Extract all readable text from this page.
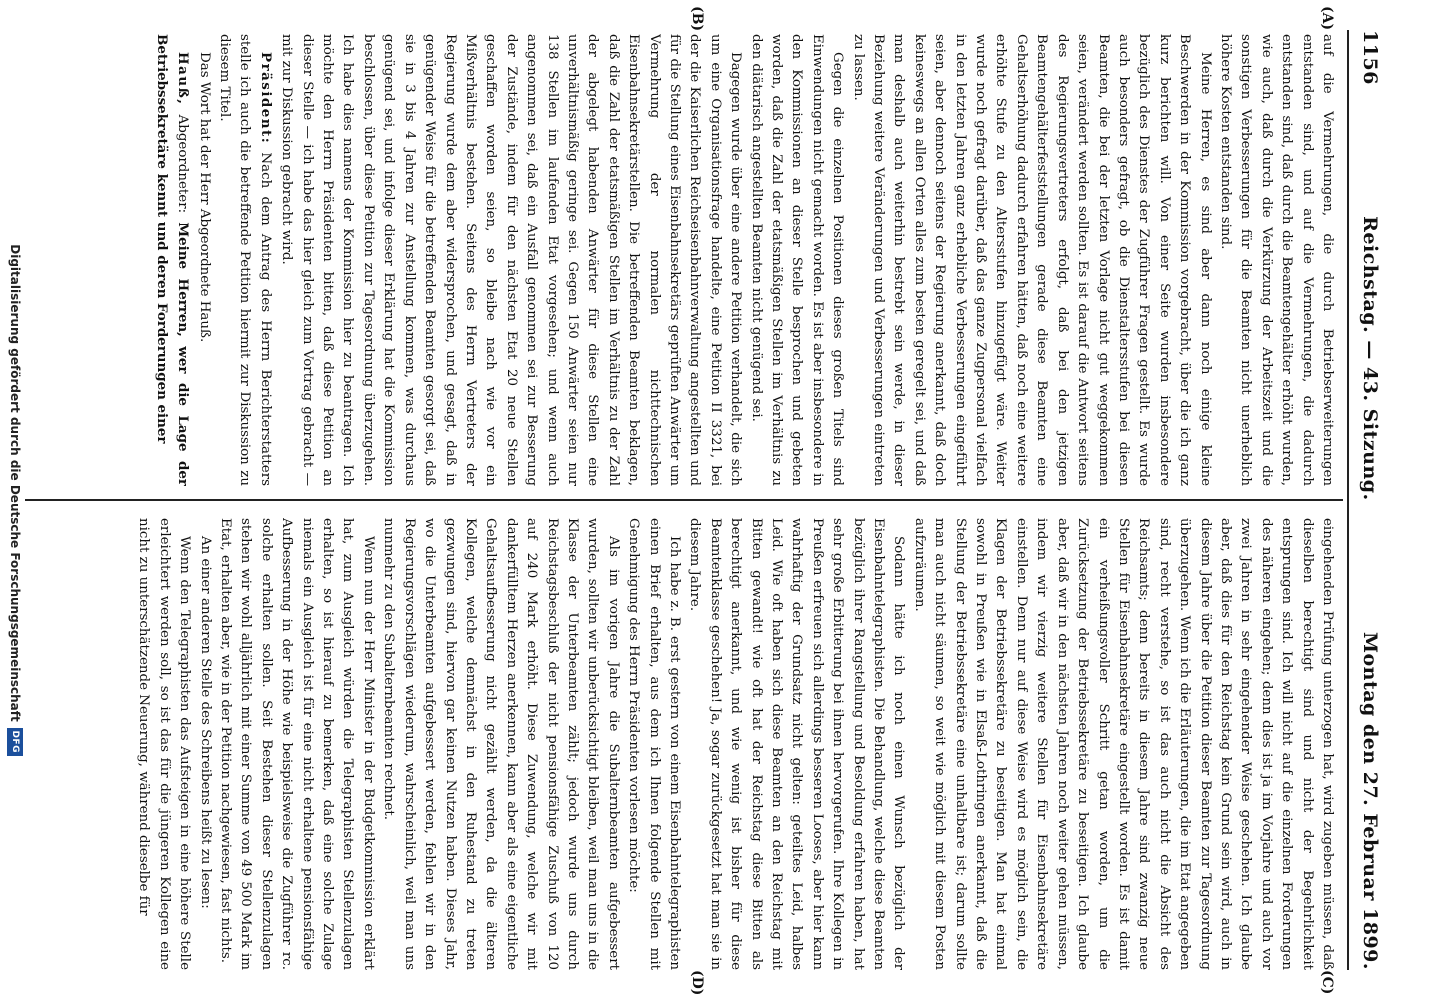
1156
Reichstag. — 43. Sitzung.
Montag den 27. Februar 1899.
(A)
(B)
(C)
(D)

auf die Vermehrungen, die durch Betriebserweiterungen entstanden sind, und auf die Vermehrungen, die dadurch entstanden sind, daß durch die Beamtengehälter erhöht wurden, wie auch, daß durch die Verkürzung der Arbeitszeit und die sonstigen Verbesserungen für die Beamten nicht unerheblich höhere Kosten entstanden sind.

Meine Herren, es sind aber dann noch einige kleine Beschwerden in der Kommission vorgebracht, über die ich ganz kurz berichten will. Von einer Seite wurden insbesondere bezüglich des Dienstes der Zugführer Fragen gestellt. Es wurde auch besonders gefragt, ob die Dienstaltersstufen bei diesen Beamten, die bei der letzten Vorlage nicht gut weggekommen seien, verändert werden sollten. Es ist darauf die Antwort seitens des Regierungsvertreters erfolgt, daß bei den jetzigen Beamtengehälterfeststellungen gerade diese Beamten eine Gehaltserhöhung dadurch erfahren hätten, daß noch eine weitere erhöhte Stufe zu den Altersstufen hinzugefügt wäre. Weiter wurde noch gefragt darüber, daß das ganze Zugpersonal vielfach in den letzten Jahren ganz erhebliche Verbesserungen eingeführt seien, aber dennoch seitens der Regierung anerkannt, daß doch keineswegs an allen Orten alles zum besten geregelt sei, und daß man deshalb auch weiterhin bestrebt sein werde, in dieser Beziehung weitere Veränderungen und Verbesserungen eintreten zu lassen.

Gegen die einzelnen Positionen dieses großen Titels sind Einwendungen nicht gemacht worden. Es ist aber insbesondere in den Kommissionen an dieser Stelle besprochen und gebeten worden, daß die Zahl der etatsmäßigen Stellen im Verhältnis zu den diätarisch angestellten Beamten nicht genügend sei.

Dagegen wurde über eine andere Petition verhandelt, die sich um eine Organisationsfrage handelte, eine Petition II 3321, bei der die Kaiserlichen Reichseisenbahnverwaltung angestellten und für die Stellung eines Eisenbahnsekretärs geprüften Anwärter um Vermehrung der normalen nichttechnischen Eisenbahnsekretärstellen. Die betreffenden Beamten beklagen, daß die Zahl der etatsmäßigen Stellen im Verhältnis zu der Zahl der abgelegt habenden Anwärter für diese Stellen eine unverhältnismäßig geringe sei. Gegen 150 Anwärter seien nur 138 Stellen im laufenden Etat vorgesehen; und wenn auch angenommen sei, daß ein Ausfall genommen sei zur Besserung der Zustände, indem für den nächsten Etat 20 neue Stellen geschaffen worden seien, so bleibe nach wie vor ein Mißverhältnis bestehen. Seitens des Herrn Vertreters der Regierung wurde dem aber widersprochen, und gesagt, daß in genügender Weise für die betreffenden Beamten gesorgt sei, daß sie in 3 bis 4 Jahren zur Anstellung kommen, was durchaus genügend sei, und infolge dieser Erklärung hat die Kommission beschlossen, über diese Petition zur Tagesordnung überzugehen. Ich habe dies namens der Kommission hier zu beantragen. Ich möchte den Herrn Präsidenten bitten, daß diese Petition an dieser Stelle — ich habe das hier gleich zum Vortrag gebracht — mit zur Diskussion gebracht wird.

Präsident: Nach dem Antrag des Herrn Berichterstatters stelle ich auch die betreffende Petition hiermit zur Diskussion zu diesem Titel.

Das Wort hat der Herr Abgeordnete Hauß.

Hauß, Abgeordneter: Meine Herren, wer die Lage der Betriebssekretäre kennt und deren Forderungen einer

eingehenden Prüfung unterzogen hat, wird zugeben müssen, daß dieselben berechtigt sind und nicht der Begehrlichkeit entsprungen sind. Ich will nicht auf die einzelnen Forderungen des näheren eingehen; denn dies ist ja im Vorjahre und auch vor zwei Jahren in sehr eingehender Weise geschehen. Ich glaube aber, daß dies für den Reichstag kein Grund sein wird, auch in diesem Jahre über die Petition dieser Beamten zur Tagesordnung überzugehen. Wenn ich die Erläuterungen, die im Etat angegeben sind, recht verstehe, so ist das auch nicht die Absicht des Reichsamts; denn bereits in diesem Jahre sind zwanzig neue Stellen für Eisenbahnsekretäre eingestellt worden. Es ist damit ein verheißungsvoller Schritt getan worden, um die Zurücksetzung der Betriebssekretäre zu beseitigen. Ich glaube aber, daß wir in den nächsten Jahren noch weiter gehen müssen, indem wir vierzig weitere Stellen für Eisenbahnsekretäre einstellen. Denn nur auf diese Weise wird es möglich sein, die Klagen der Betriebssekretäre zu beseitigen. Man hat einmal sowohl in Preußen wie in Elsaß-Lothringen anerkannt, daß die Stellung der Betriebssekretäre eine unhaltbare ist; darum sollte man auch nicht säumen, so weit wie möglich mit diesem Posten aufzuräumen.

Sodann hätte ich noch einen Wunsch bezüglich der Eisenbahntelegraphisten. Die Behandlung, welche diese Beamten bezüglich ihrer Rangstellung und Besoldung erfahren haben, hat sehr große Erbitterung bei ihnen hervorgerufen. Ihre Kollegen in Preußen erfreuen sich allerdings besseren Looses, aber hier kann wahrhaftig der Grundsatz nicht gelten: geteiltes Leid, halbes Leid. Wie oft haben sich diese Beamten an den Reichstag mit Bitten gewandt! wie oft hat der Reichstag diese Bitten als berechtigt anerkannt, und wie wenig ist bisher für diese Beamtenklasse geschehen! Ja, sogar zurückgesetzt hat man sie in diesem Jahre.

Ich habe z. B. erst gestern von einem Eisenbahntelegraphisten einen Brief erhalten, aus dem ich Ihnen folgende Stellen mit Genehmigung des Herrn Präsidenten vorlesen möchte:

Als im vorigen Jahre die Subalternbeamten aufgebessert wurden, sollten wir unberücksichtigt bleiben, weil man uns in die Klasse der Unterbeamten zählt; jedoch wurde uns durch Reichstagsbeschluß der nicht pensionsfähige Zuschuß von 120 auf 240 Mark erhöht. Diese Zuwendung, welche wir mit dankerfülltem Herzen anerkennen, kann aber als eine eigentliche Gehaltsaufbesserung nicht gezählt werden, da die älteren Kollegen, welche demnächst in den Ruhestand zu treten gezwungen sind, hiervon gar keinen Nutzen haben. Dieses Jahr, wo die Unterbeamten aufgebessert werden, fehlen wir in den Regierungsvorschlägen wiederum, wahrscheinlich, weil man uns nunmehr zu den Subalternbeamten rechnet.

Wenn nun der Herr Minister in der Budgetkommission erklärt hat, zum Ausgleich würden die Telegraphisten Stellenzulagen erhalten, so ist hierauf zu bemerken, daß eine solche Zulage niemals ein Ausgleich ist für eine nicht erhaltene pensionsfähige Aufbesserung in der Höhe wie beispielsweise die Zugführer rc. solche erhalten sollen. Seit Bestehen dieser Stellenzulagen stehen wir wohl alljährlich mit einer Summe von 49 500 Mark im Etat, erhalten aber, wie in der Petition nachgewiesen, fast nichts.

An einer anderen Stelle des Schreibens heißt zu lesen:

Wenn den Telegraphisten das Aufsteigen in eine höhere Stelle erleichtert werden soll, so ist das für die jüngeren Kollegen eine nicht zu unterschätzende Neuerung, während dieselbe für

Digitalisierung gefördert durch die Deutsche Forschungsgemeinschaft
DFG
